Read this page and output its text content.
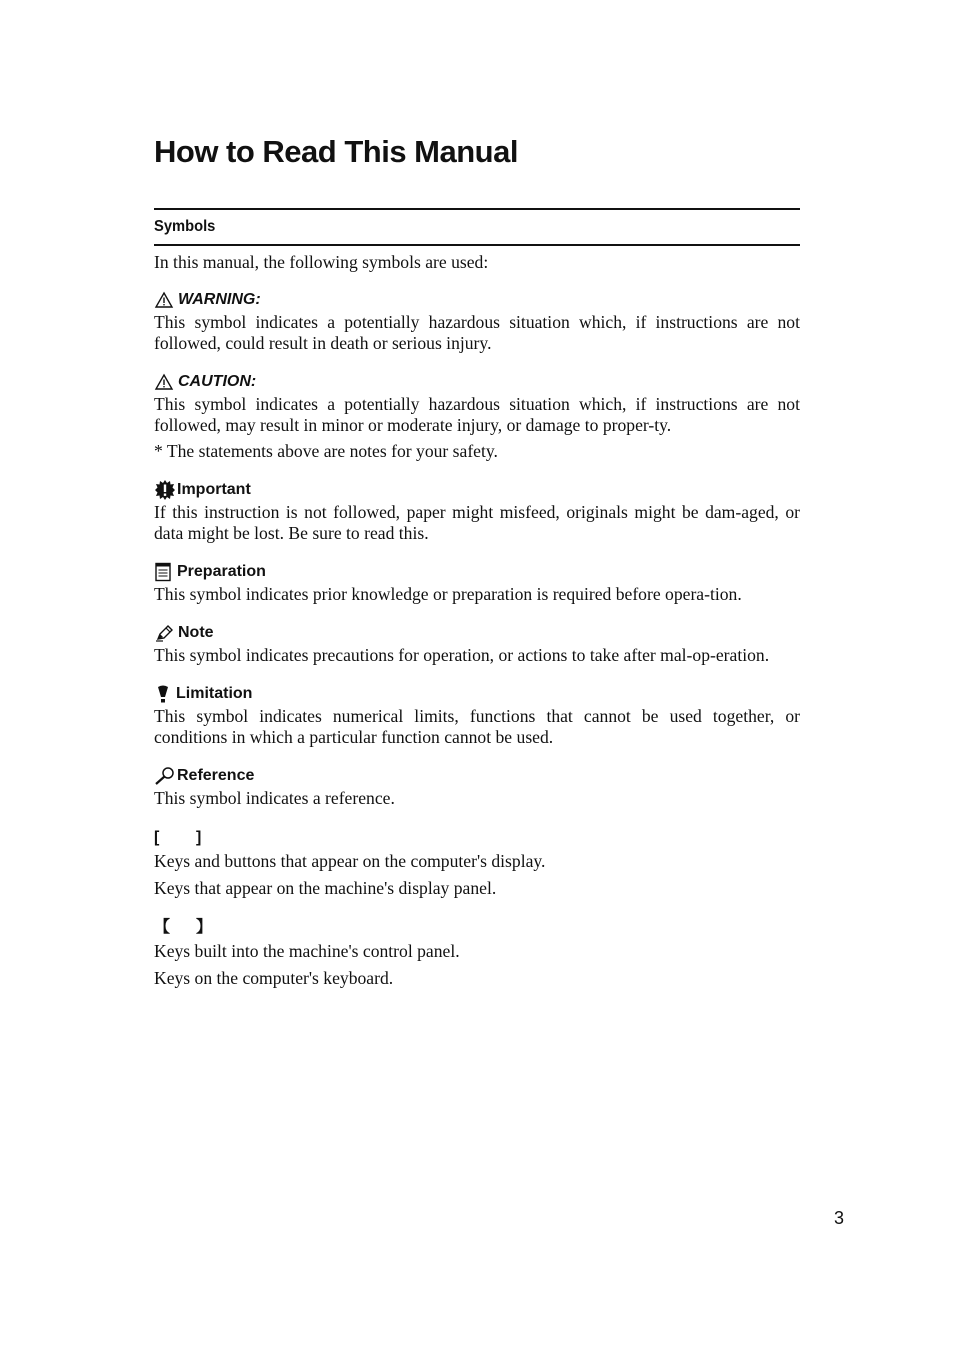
How to Read This Manual
Symbols

In this manual, the following symbols are used:

WARNING:

This symbol indicates a potentially hazardous situation which, if instructions are not followed, could result in death or serious injury.

CAUTION:

This symbol indicates a potentially hazardous situation which, if instructions are not followed, may result in minor or moderate injury, or damage to proper-ty.

* The statements above are notes for your safety.

Important

If this instruction is not followed, paper might misfeed, originals might be dam-aged, or data might be lost. Be sure to read this.

Preparation

This symbol indicates prior knowledge or preparation is required before opera-tion.

Note

This symbol indicates precautions for operation, or actions to take after mal-op-eration.

Limitation

This symbol indicates numerical limits, functions that cannot be used together, or conditions in which a particular function cannot be used.

Reference

This symbol indicates a reference.

[	]

Keys and buttons that appear on the computer's display.

Keys that appear on the machine's display panel.

【	】

Keys built into the machine's control panel.

Keys on the computer's keyboard.

3
